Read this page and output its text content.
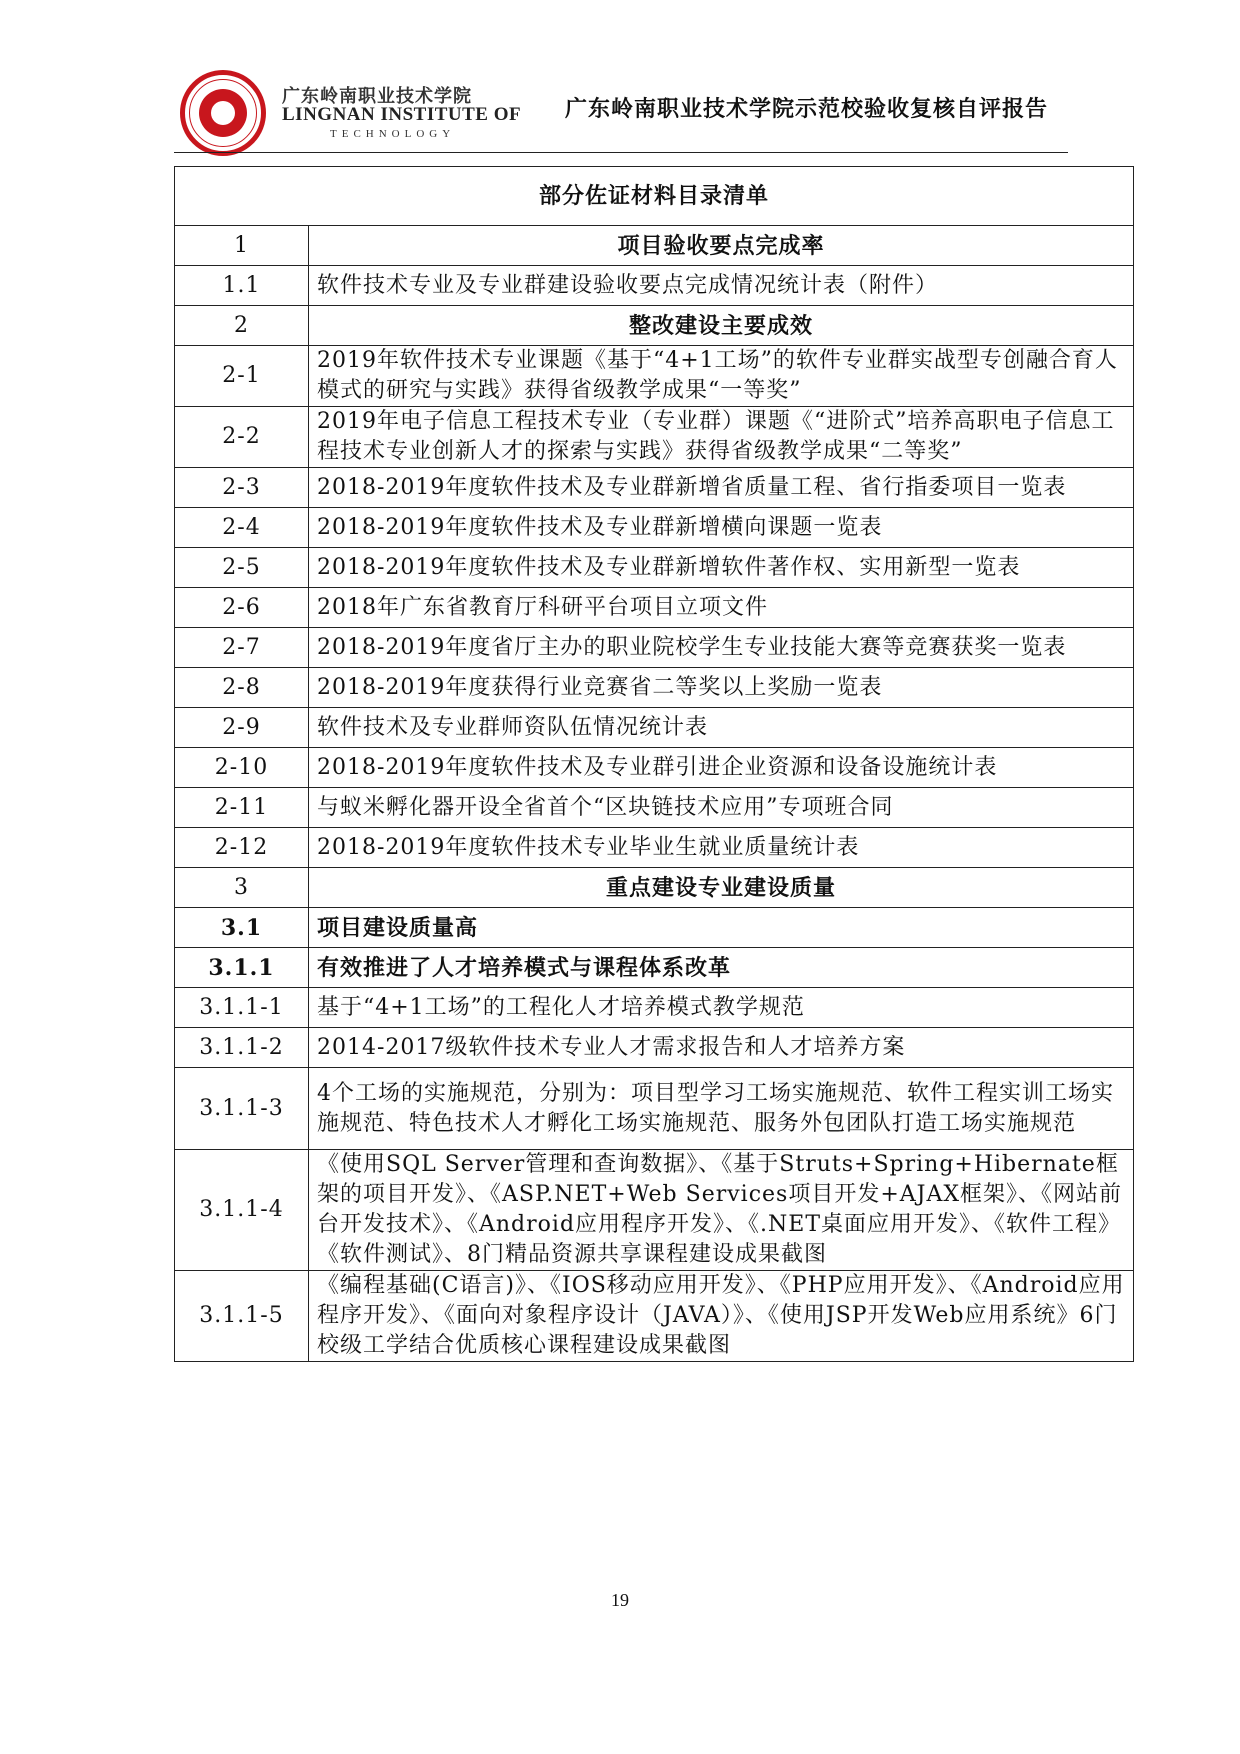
广东岭南职业技术学院
LINGNAN INSTITUTE OF
TECHNOLOGY
广东岭南职业技术学院示范校验收复核自评报告
部分佐证材料目录清单	
1	项目验收要点完成率
1.1	软件技术专业及专业群建设验收要点完成情况统计表（附件）
2	整改建设主要成效
2-1	2019年软件技术专业课题《基于“4+1工场”的软件专业群实战型专创融合育人模式的研究与实践》获得省级教学成果“一等奖”
2-2	2019年电子信息工程技术专业（专业群）课题《“进阶式”培养高职电子信息工程技术专业创新人才的探索与实践》获得省级教学成果“二等奖”
2-3	2018-2019年度软件技术及专业群新增省质量工程、省行指委项目一览表
2-4	2018-2019年度软件技术及专业群新增横向课题一览表
2-5	2018-2019年度软件技术及专业群新增软件著作权、实用新型一览表
2-6	2018年广东省教育厅科研平台项目立项文件
2-7	2018-2019年度省厅主办的职业院校学生专业技能大赛等竞赛获奖一览表
2-8	2018-2019年度获得行业竞赛省二等奖以上奖励一览表
2-9	软件技术及专业群师资队伍情况统计表
2-10	2018-2019年度软件技术及专业群引进企业资源和设备设施统计表
2-11	与蚁米孵化器开设全省首个“区块链技术应用”专项班合同
2-12	2018-2019年度软件技术专业毕业生就业质量统计表
3	重点建设专业建设质量
3.1	项目建设质量高
3.1.1	有效推进了人才培养模式与课程体系改革
3.1.1-1	基于“4+1工场”的工程化人才培养模式教学规范
3.1.1-2	2014-2017级软件技术专业人才需求报告和人才培养方案
3.1.1-3	4个工场的实施规范，分别为：项目型学习工场实施规范、软件工程实训工场实施规范、特色技术人才孵化工场实施规范、服务外包团队打造工场实施规范
3.1.1-4	《使用SQL Server管理和查询数据》、《基于Struts+Spring+Hibernate框架的项目开发》、《ASP.NET+Web Services项目开发+AJAX框架》、《网站前台开发技术》、《Android应用程序开发》、《.NET桌面应用开发》、《软件工程》《软件测试》、8门精品资源共享课程建设成果截图
3.1.1-5	《编程基础(C语言)》、《IOS移动应用开发》、《PHP应用开发》、《Android应用程序开发》、《面向对象程序设计（JAVA）》、《使用JSP开发Web应用系统》6门校级工学结合优质核心课程建设成果截图
19
